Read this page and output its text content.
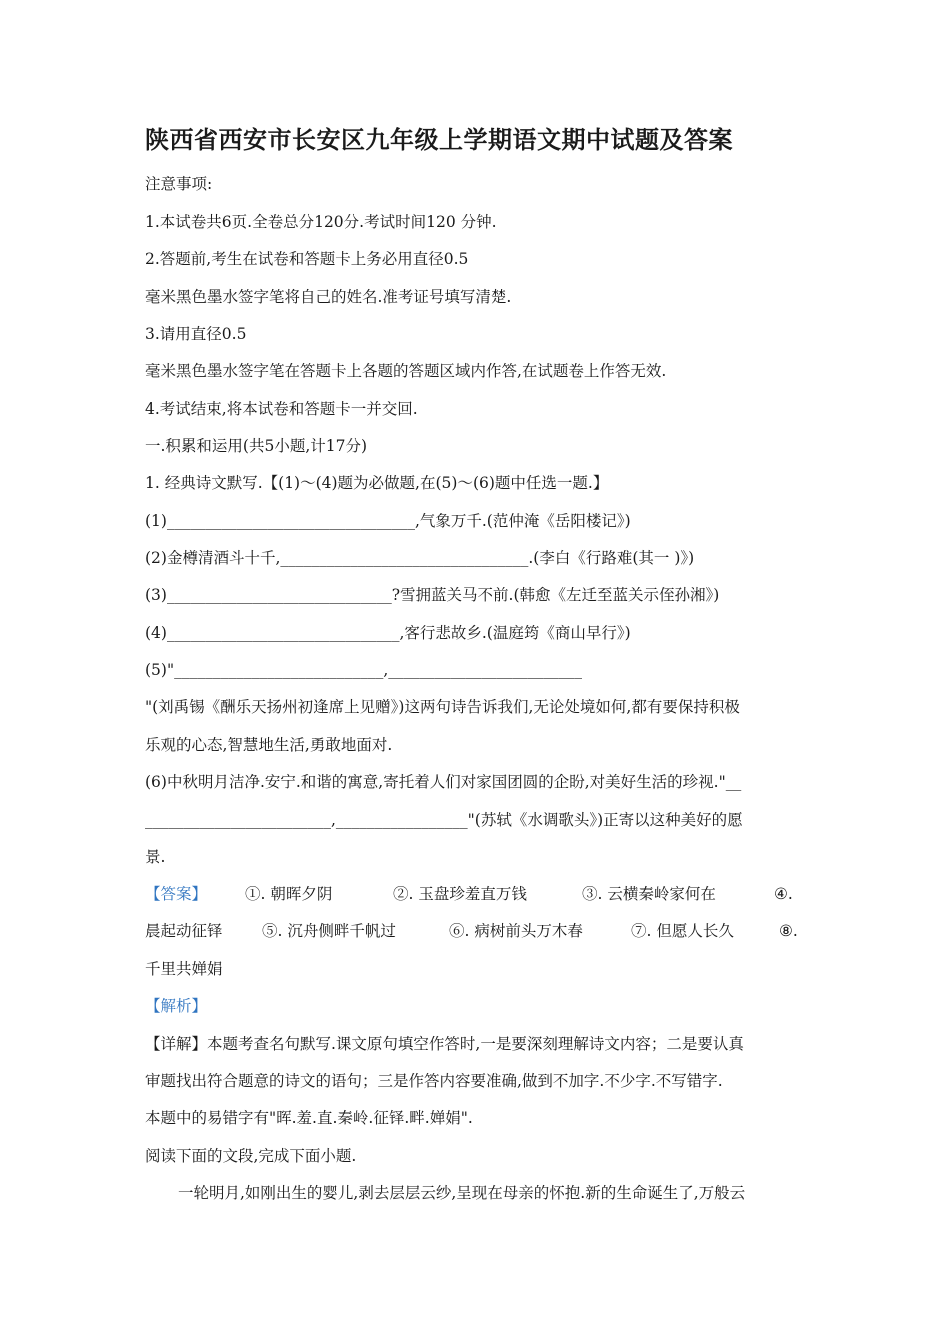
陕西省西安市长安区九年级上学期语文期中试题及答案
注意事项:
1.本试卷共6页.全卷总分120分.考试时间120 分钟.
2.答题前,考生在试卷和答题卡上务必用直径0.5
毫米黑色墨水签字笔将自己的姓名.准考证号填写清楚.
3.请用直径0.5
毫米黑色墨水签字笔在答题卡上各题的答题区域内作答,在试题卷上作答无效.
4.考试结束,将本试卷和答题卡一并交回.
一.积累和运用(共5小题,计17分)
1. 经典诗文默写.【(1)～(4)题为必做题,在(5)～(6)题中任选一题.】
(1)________________________________,气象万千.(范仲淹《岳阳楼记》)
(2)金樽清酒斗十千,________________________________.(李白《行路难(其一 )》)
(3)_____________________________?雪拥蓝关马不前.(韩愈《左迁至蓝关示侄孙湘》)
(4)______________________________,客行悲故乡.(温庭筠《商山早行》)
(5)"___________________________,_________________________
"(刘禹锡《酬乐天扬州初逢席上见赠》)这两句诗告诉我们,无论处境如何,都有要保持积极
乐观的心态,智慧地生活,勇敢地面对.
(6)中秋明月洁净.安宁.和谐的寓意,寄托着人们对家国团圆的企盼,对美好生活的珍视."__
________________________,_________________"(苏轼《水调歌头》)正寄以这种美好的愿
景.
【答案】 ①. 朝晖夕阴	②. 玉盘珍羞直万钱	③. 云横秦岭家何在	④.
晨起动征铎	⑤. 沉舟侧畔千帆过	⑥. 病树前头万木春	⑦. 但愿人长久	⑧.
千里共婵娟
【解析】
【详解】本题考查名句默写.课文原句填空作答时,一是要深刻理解诗文内容；二是要认真
审题找出符合题意的诗文的语句；三是作答内容要准确,做到不加字.不少字.不写错字.
本题中的易错字有"晖.羞.直.秦岭.征铎.畔.婵娟".
阅读下面的文段,完成下面小题.
一轮明月,如刚出生的婴儿,剥去层层云纱,呈现在母亲的怀抱.新的生命诞生了,万般云
